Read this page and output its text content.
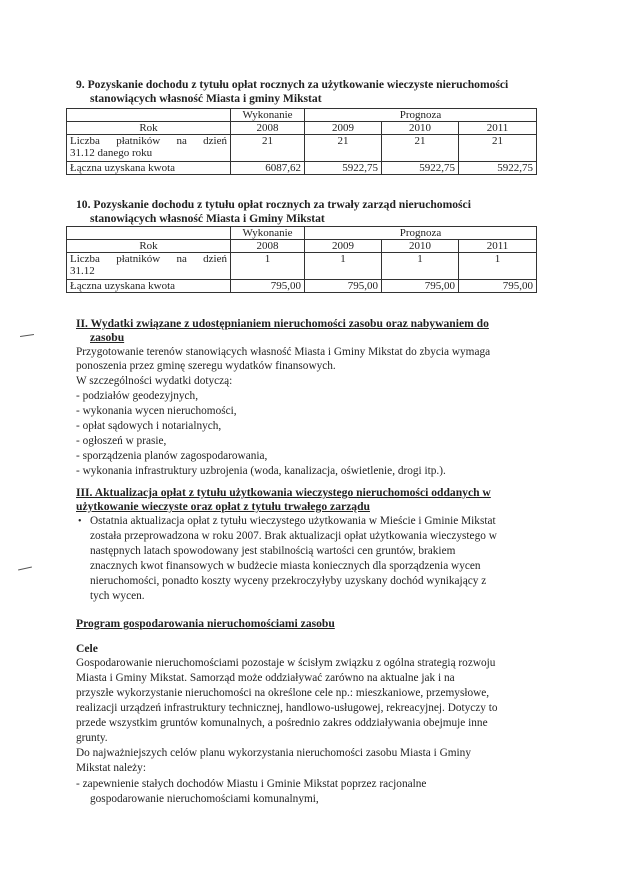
9. Pozyskanie dochodu z tytułu opłat rocznych za użytkowanie wieczyste nieruchomości
stanowiących własność Miasta i gminy Mikstat
	Wykonanie	Prognoza		
Rok	2008	2009	2010	2011

Liczba płatników na dzień
31.12 danego roku	21	21	21	21
Łączna uzyskana kwota	6087,62	5922,75	5922,75	5922,75
10. Pozyskanie dochodu z tytułu opłat rocznych za trwały zarząd nieruchomości
stanowiących własność Miasta i Gminy Mikstat
	Wykonanie	Prognoza		
Rok	2008	2009	2010	2011

Liczba płatników na dzień
31.12	1	1	1	1
Łączna uzyskana kwota	795,00	795,00	795,00	795,00
II. Wydatki związane z udostępnianiem nieruchomości zasobu oraz nabywaniem do
zasobu
Przygotowanie terenów stanowiących własność Miasta i Gminy Mikstat do zbycia wymaga
ponoszenia przez gminę szeregu wydatków finansowych.
W szczególności wydatki dotyczą:
- podziałów geodezyjnych,
- wykonania wycen nieruchomości,
- opłat sądowych i notarialnych,
- ogłoszeń w prasie,
- sporządzenia planów zagospodarowania,
- wykonania infrastruktury uzbrojenia (woda, kanalizacja, oświetlenie, drogi itp.).
III. Aktualizacja opłat z tytułu użytkowania wieczystego nieruchomości oddanych w
użytkowanie wieczyste oraz opłat z tytułu trwałego zarządu
• Ostatnia aktualizacja opłat z tytułu wieczystego użytkowania w Mieście i Gminie Mikstat
została przeprowadzona w roku 2007. Brak aktualizacji opłat użytkowania wieczystego w
następnych latach spowodowany jest stabilnością wartości cen gruntów, brakiem
znacznych kwot finansowych w budżecie miasta koniecznych dla sporządzenia wycen
nieruchomości, ponadto koszty wyceny przekroczyłyby uzyskany dochód wynikający z
tych wycen.
Program gospodarowania nieruchomościami zasobu
Cele
Gospodarowanie nieruchomościami pozostaje w ścisłym związku z ogólna strategią rozwoju
Miasta i Gminy Mikstat. Samorząd może oddziaływać zarówno na aktualne jak i na
przyszłe wykorzystanie nieruchomości na określone cele np.: mieszkaniowe, przemysłowe,
realizacji urządzeń infrastruktury technicznej, handlowo-usługowej, rekreacyjnej. Dotyczy to
przede wszystkim gruntów komunalnych, a pośrednio zakres oddziaływania obejmuje inne
grunty.
Do najważniejszych celów planu wykorzystania nieruchomości zasobu Miasta i Gminy
Mikstat należy:
- zapewnienie stałych dochodów Miastu i Gminie Mikstat poprzez racjonalne
gospodarowanie nieruchomościami komunalnymi,
